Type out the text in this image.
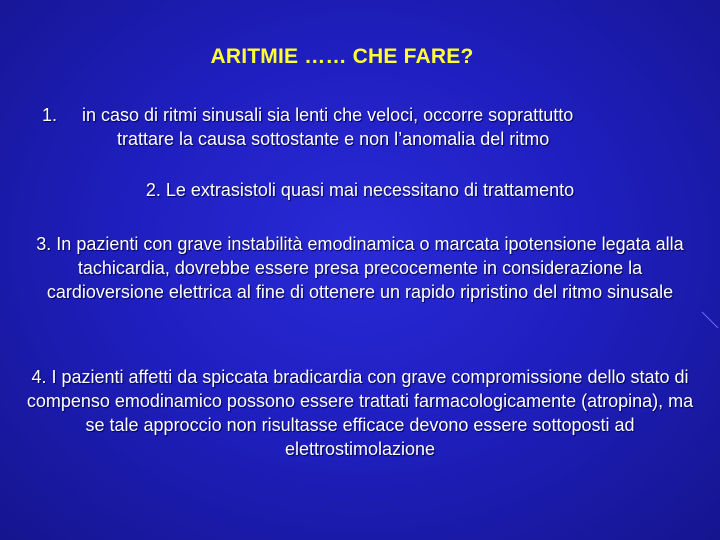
ARITMIE …… CHE FARE?
1. in caso di ritmi sinusali sia lenti che veloci, occorre soprattutto
trattare la causa sottostante e non l’anomalia del ritmo
2. Le extrasistoli quasi mai necessitano di trattamento
3. In pazienti con grave instabilità emodinamica o marcata ipotensione legata alla tachicardia, dovrebbe essere presa precocemente in considerazione la cardioversione elettrica al fine di ottenere un rapido ripristino del ritmo sinusale
4. I pazienti affetti da spiccata bradicardia con grave compromissione dello stato di compenso emodinamico possono essere trattati farmacologicamente (atropina), ma se tale approccio non risultasse efficace devono essere sottoposti ad elettrostimolazione
